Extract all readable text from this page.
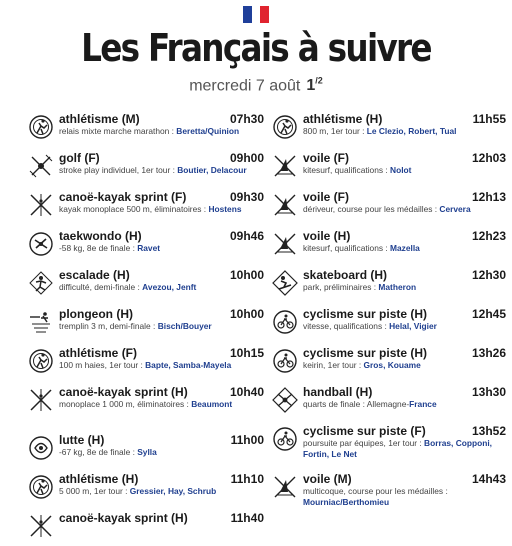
Les Français à suivre
mercredi 7 août $1^{/2}$
athlétisme (M)	07h30
relais mixte marche marathon : Beretta/Quinion
golf (F)	09h00
stroke play individuel, 1er tour : Boutier, Delacour
canoë-kayak sprint (F)	09h30
kayak monoplace 500 m, éliminatoires : Hostens
taekwondo (H)	09h46
-58 kg, 8e de finale : Ravet
escalade (H)	10h00
difficulté, demi-finale : Avezou, Jenft
plongeon (H)	10h00
tremplin 3 m, demi-finale : Bisch/Bouyer
athlétisme (F)	10h15
100 m haies, 1er tour : Bapte, Samba-Mayela
canoë-kayak sprint (H)	10h40
monoplace 1 000 m, éliminatoires : Beaumont
lutte (H)	11h00
-67 kg, 8e de finale : Sylla
athlétisme (H)	11h10
5 000 m, 1er tour : Gressier, Hay, Schrub
canoë-kayak sprint (H)	11h40
athlétisme (H)	11h55
800 m, 1er tour : Le Clezio, Robert, Tual
voile (F)	12h03
kitesurf, qualifications : Nolot
voile (F)	12h13
dériveur, course pour les médailles : Cervera
voile (H)	12h23
kitesurf, qualifications : Mazella
skateboard (H)	12h30
park, préliminaires : Matheron
cyclisme sur piste (H)	12h45
vitesse, qualifications : Helal, Vigier
cyclisme sur piste (H)	13h26
keirin, 1er tour : Gros, Kouame
handball (H)	13h30
quarts de finale : Allemagne-France
cyclisme sur piste (F)	13h52
poursuite par équipes, 1er tour : Borras, Copponi, Fortin, Le Net
voile (M)	14h43
multicoque, course pour les médailles : Mourniac/Berthomieu
